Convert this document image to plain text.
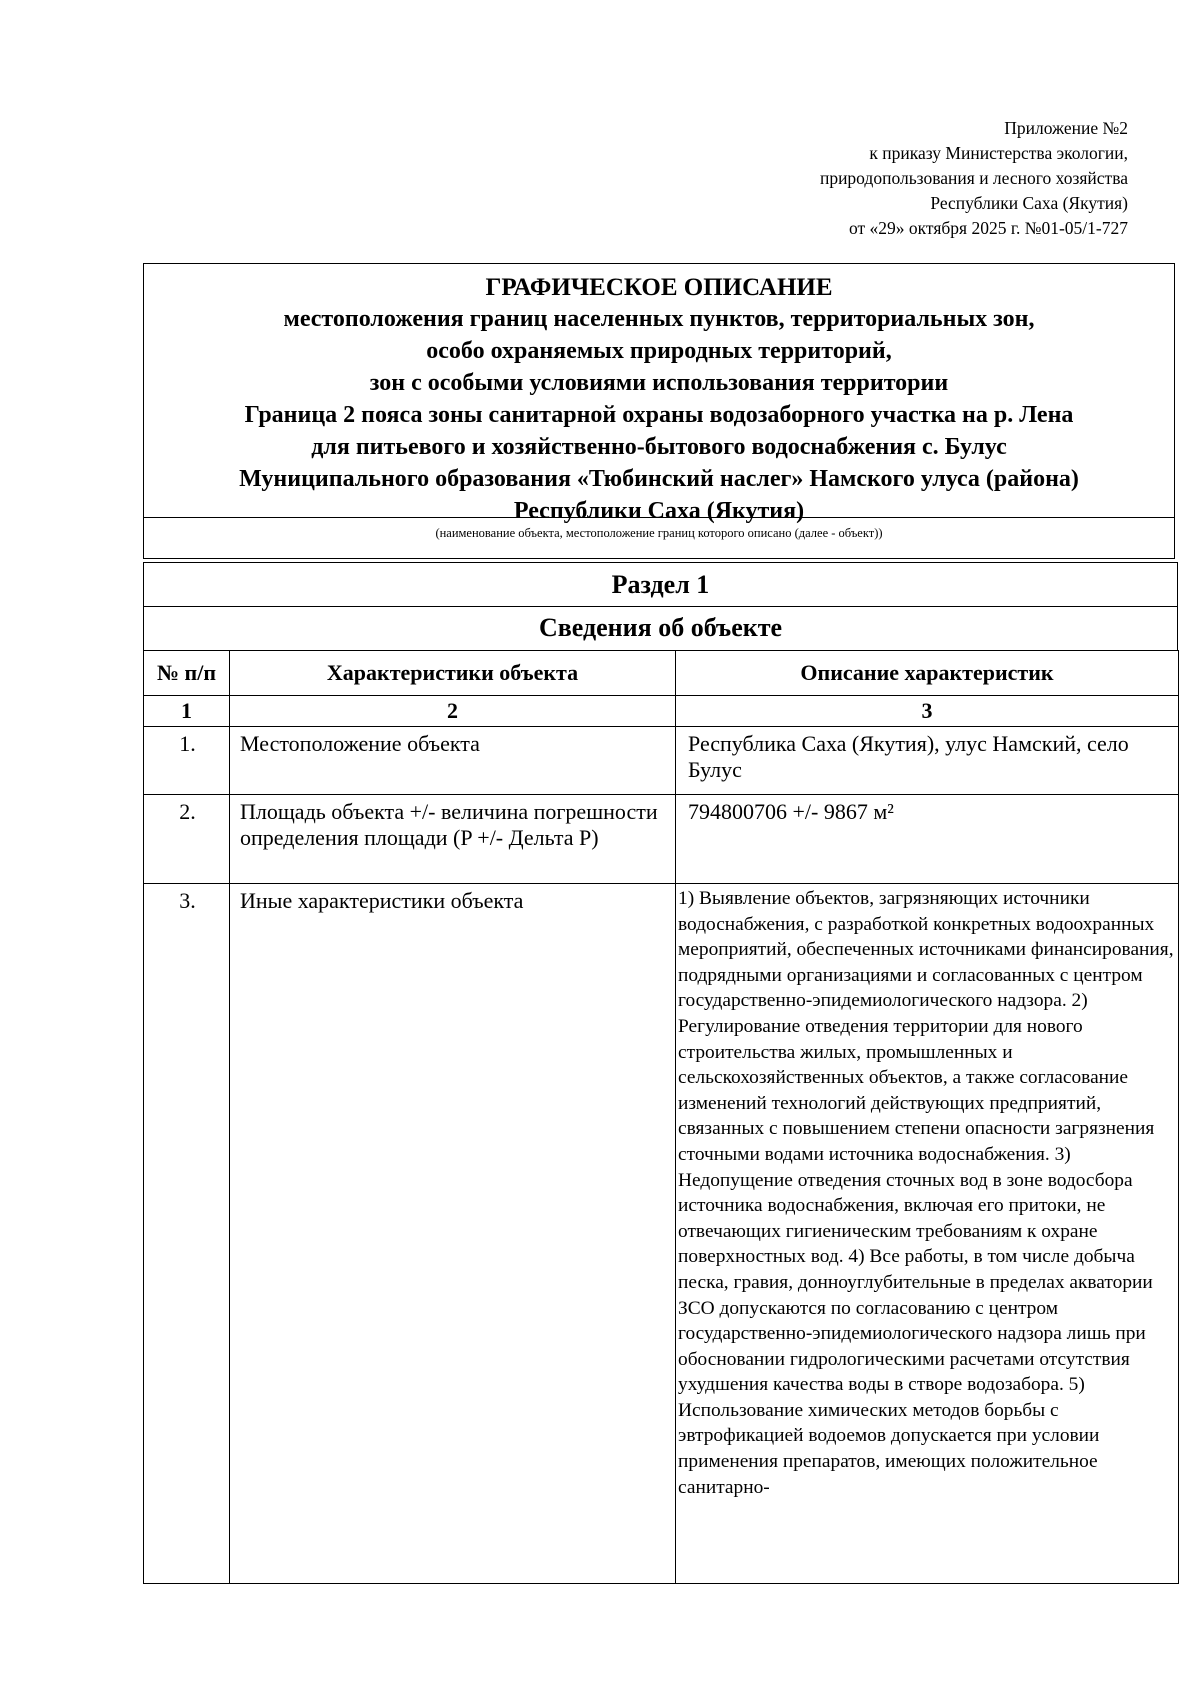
Приложение №2
к приказу Министерства экологии,
природопользования и лесного хозяйства
Республики Саха (Якутия)
от «29» октября 2025 г. №01-05/1-727
ГРАФИЧЕСКОЕ ОПИСАНИЕ
местоположения границ населенных пунктов, территориальных зон,
особо охраняемых природных территорий,
зон с особыми условиями использования территории
Граница 2 пояса зоны санитарной охраны водозаборного участка на р. Лена
для питьевого и хозяйственно-бытового водоснабжения с. Булус
Муниципального образования «Тюбинский наслег» Намского улуса (района)
Республики Саха (Якутия)
(наименование объекта, местоположение границ которого описано (далее - объект))
Раздел 1
Сведения об объекте
№ п/п	Характеристики объекта	Описание характеристик
1	2	3

1.	Местоположение объекта	Республика Саха (Якутия), улус Намский, село Булус

2.	Площадь объекта +/- величина погрешности определения площади (P +/- Дельта P)	794800706 +/- 9867 м²

3.	Иные характеристики объекта	1) Выявление объектов, загрязняющих источники водоснабжения, с разработкой конкретных водоохранных мероприятий, обеспеченных источниками финансирования, подрядными организациями и согласованных с центром государственно-эпидемиологического надзора. 2) Регулирование отведения территории для нового строительства жилых, промышленных и сельскохозяйственных объектов, а также согласование изменений технологий действующих предприятий, связанных с повышением степени опасности загрязнения сточными водами источника водоснабжения. 3) Недопущение отведения сточных вод в зоне водосбора источника водоснабжения, включая его притоки, не отвечающих гигиеническим требованиям к охране поверхностных вод. 4) Все работы, в том числе добыча песка, гравия, донноуглубительные в пределах акватории ЗСО допускаются по согласованию с центром государственно-эпидемиологического надзора лишь при обосновании гидрологическими расчетами отсутствия ухудшения качества воды в створе водозабора. 5) Использование химических методов борьбы с эвтрофикацией водоемов допускается при условии применения препаратов, имеющих положительное санитарно-
